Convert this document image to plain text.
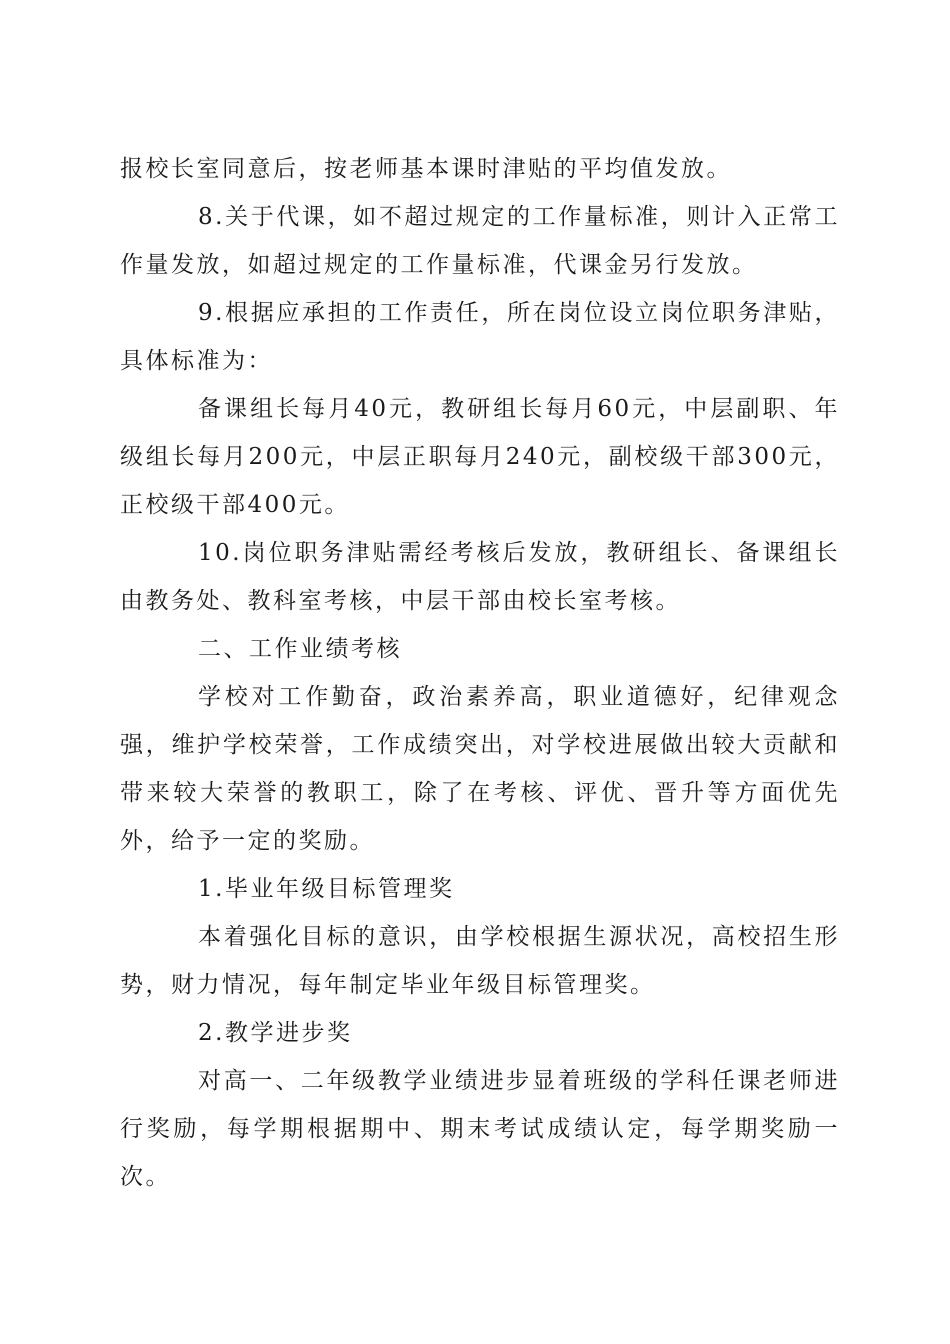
报校长室同意后，按老师基本课时津贴的平均值发放。

8.关于代课，如不超过规定的工作量标准，则计入正常工作量发放，如超过规定的工作量标准，代课金另行发放。

9.根据应承担的工作责任，所在岗位设立岗位职务津贴，具体标准为：

备课组长每月40元，教研组长每月60元，中层副职、年级组长每月200元，中层正职每月240元，副校级干部300元，正校级干部400元。

10.岗位职务津贴需经考核后发放，教研组长、备课组长由教务处、教科室考核，中层干部由校长室考核。

二、工作业绩考核

学校对工作勤奋，政治素养高，职业道德好，纪律观念强，维护学校荣誉，工作成绩突出，对学校进展做出较大贡献和带来较大荣誉的教职工，除了在考核、评优、晋升等方面优先外，给予一定的奖励。

1.毕业年级目标管理奖

本着强化目标的意识，由学校根据生源状况，高校招生形势，财力情况，每年制定毕业年级目标管理奖。

2.教学进步奖

对高一、二年级教学业绩进步显着班级的学科任课老师进行奖励，每学期根据期中、期末考试成绩认定，每学期奖励一次。
